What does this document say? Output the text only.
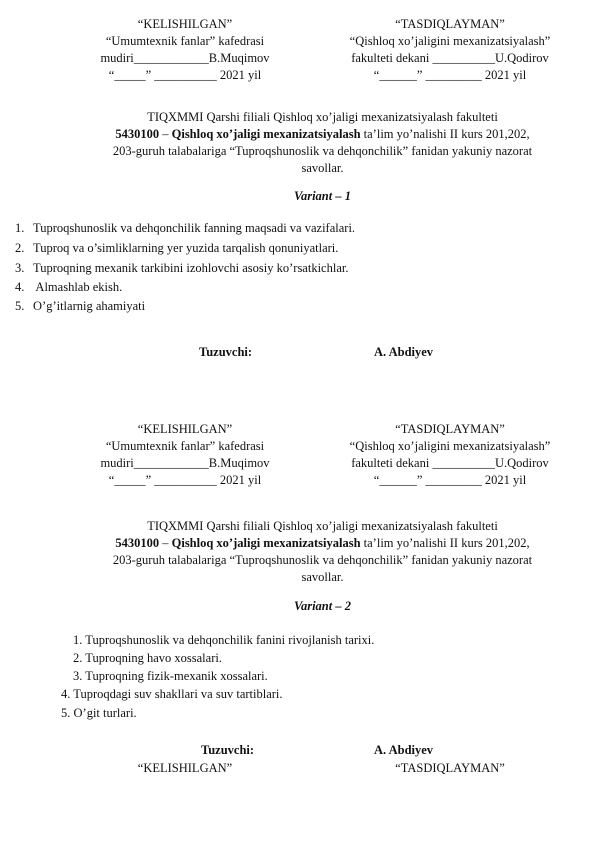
“KELISHILGAN”
“Umumtexnik fanlar” kafedrasi
mudiri____________B.Muqimov
“_____” __________ 2021 yil
“TASDIQLAYMAN”
“Qishloq xo’jaligini mexanizatsiyalash”
fakulteti dekani __________U.Qodirov
“______” _________ 2021 yil
TIQXMMI Qarshi filiali Qishloq xo’jaligi mexanizatsiyalash fakulteti
5430100 – Qishloq xo’jaligi mexanizatsiyalash ta’lim yo’nalishi II kurs 201,202,
203-guruh talabalariga “Tuproqshunoslik va dehqonchilik” fanidan yakuniy nazorat
savollar.
Variant – 1
1. Tuproqshunoslik va dehqonchilik fanning maqsadi va vazifalari.
2. Tuproq va o’simliklarning yer yuzida tarqalish qonuniyatlari.
3. Tuproqning mexanik tarkibini izohlovchi asosiy ko’rsatkichlar.
4. Almashlab ekish.
5. O’g’itlarnig ahamiyati
Tuzuvchi:	A. Abdiyev
“KELISHILGAN”
“Umumtexnik fanlar” kafedrasi
mudiri____________B.Muqimov
“_____” __________ 2021 yil
“TASDIQLAYMAN”
“Qishloq xo’jaligini mexanizatsiyalash”
fakulteti dekani __________U.Qodirov
“______” _________ 2021 yil
TIQXMMI Qarshi filiali Qishloq xo’jaligi mexanizatsiyalash fakulteti
5430100 – Qishloq xo’jaligi mexanizatsiyalash ta’lim yo’nalishi II kurs 201,202,
203-guruh talabalariga “Tuproqshunoslik va dehqonchilik” fanidan yakuniy nazorat
savollar.
Variant – 2
1. Tuproqshunoslik va dehqonchilik fanini rivojlanish tarixi.
2. Tuproqning havo xossalari.
3. Tuproqning fizik-mexanik xossalari.
4. Tuproqdagi suv shakllari va suv tartiblari.
5. O’git turlari.
Tuzuvchi:	A. Abdiyev
“KELISHILGAN”	“TASDIQLAYMAN”
